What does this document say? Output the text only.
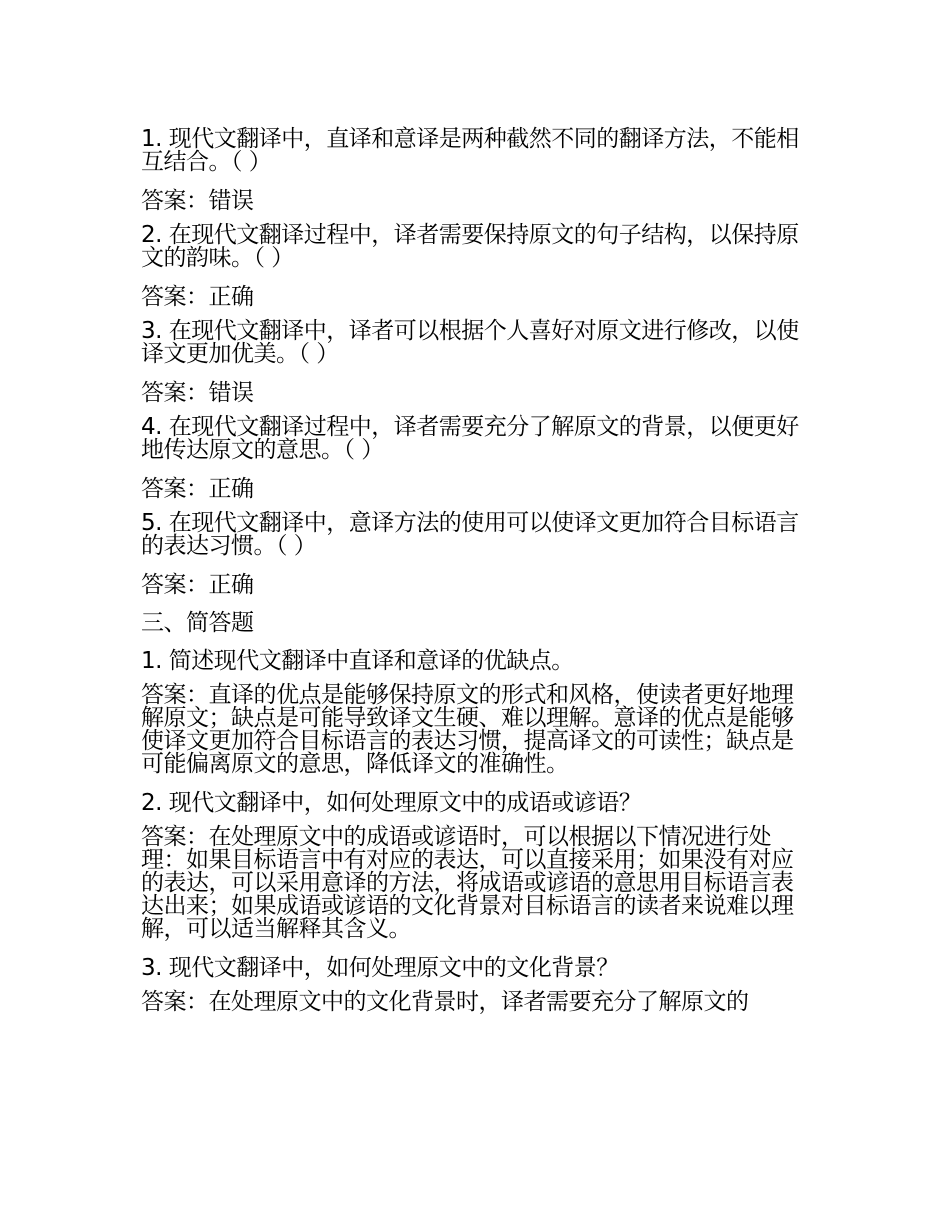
1. 现代文翻译中，直译和意译是两种截然不同的翻译方法，不能相互结合。（ ）

答案：错误

2. 在现代文翻译过程中，译者需要保持原文的句子结构，以保持原文的韵味。（ ）

答案：正确

3. 在现代文翻译中，译者可以根据个人喜好对原文进行修改，以使译文更加优美。（ ）

答案：错误

4. 在现代文翻译过程中，译者需要充分了解原文的背景，以便更好地传达原文的意思。（ ）

答案：正确

5. 在现代文翻译中，意译方法的使用可以使译文更加符合目标语言的表达习惯。（ ）

答案：正确

三、简答题

1. 简述现代文翻译中直译和意译的优缺点。

答案：直译的优点是能够保持原文的形式和风格，使读者更好地理解原文；缺点是可能导致译文生硬、难以理解。意译的优点是能够使译文更加符合目标语言的表达习惯，提高译文的可读性；缺点是可能偏离原文的意思，降低译文的准确性。

2. 现代文翻译中，如何处理原文中的成语或谚语？

答案：在处理原文中的成语或谚语时，可以根据以下情况进行处理：如果目标语言中有对应的表达，可以直接采用；如果没有对应的表达，可以采用意译的方法，将成语或谚语的意思用目标语言表达出来；如果成语或谚语的文化背景对目标语言的读者来说难以理解，可以适当解释其含义。

3. 现代文翻译中，如何处理原文中的文化背景？

答案：在处理原文中的文化背景时，译者需要充分了解原文的
